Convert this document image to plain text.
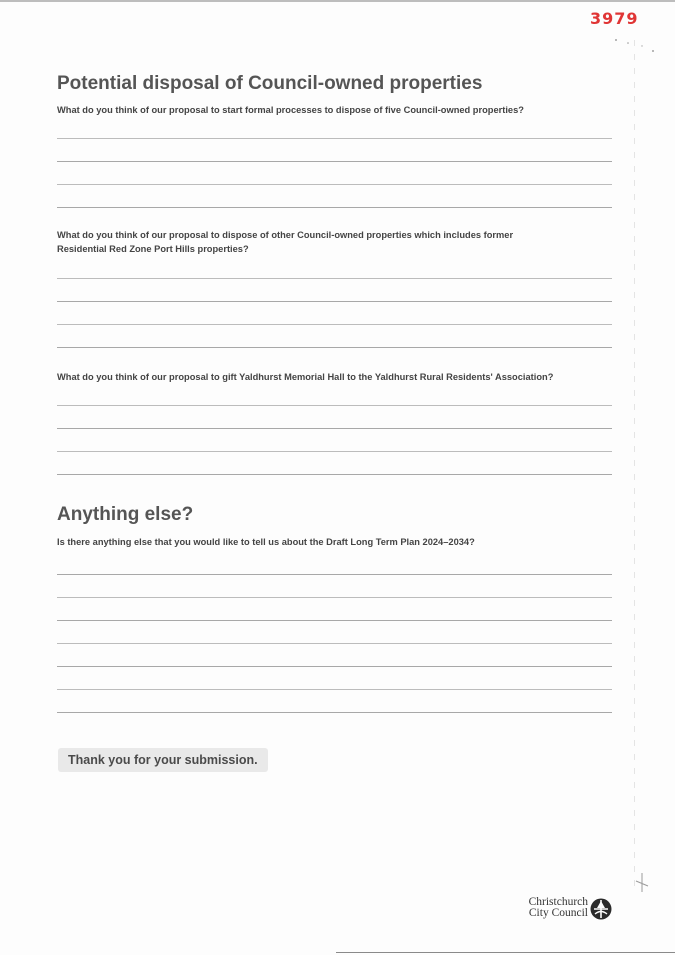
3979
Potential disposal of Council-owned properties
What do you think of our proposal to start formal processes to dispose of five Council-owned properties?
What do you think of our proposal to dispose of other Council-owned properties which includes former Residential Red Zone Port Hills properties?
What do you think of our proposal to gift Yaldhurst Memorial Hall to the Yaldhurst Rural Residents' Association?
Anything else?
Is there anything else that you would like to tell us about the Draft Long Term Plan 2024–2034?
Thank you for your submission.
Christchurch
City Council
